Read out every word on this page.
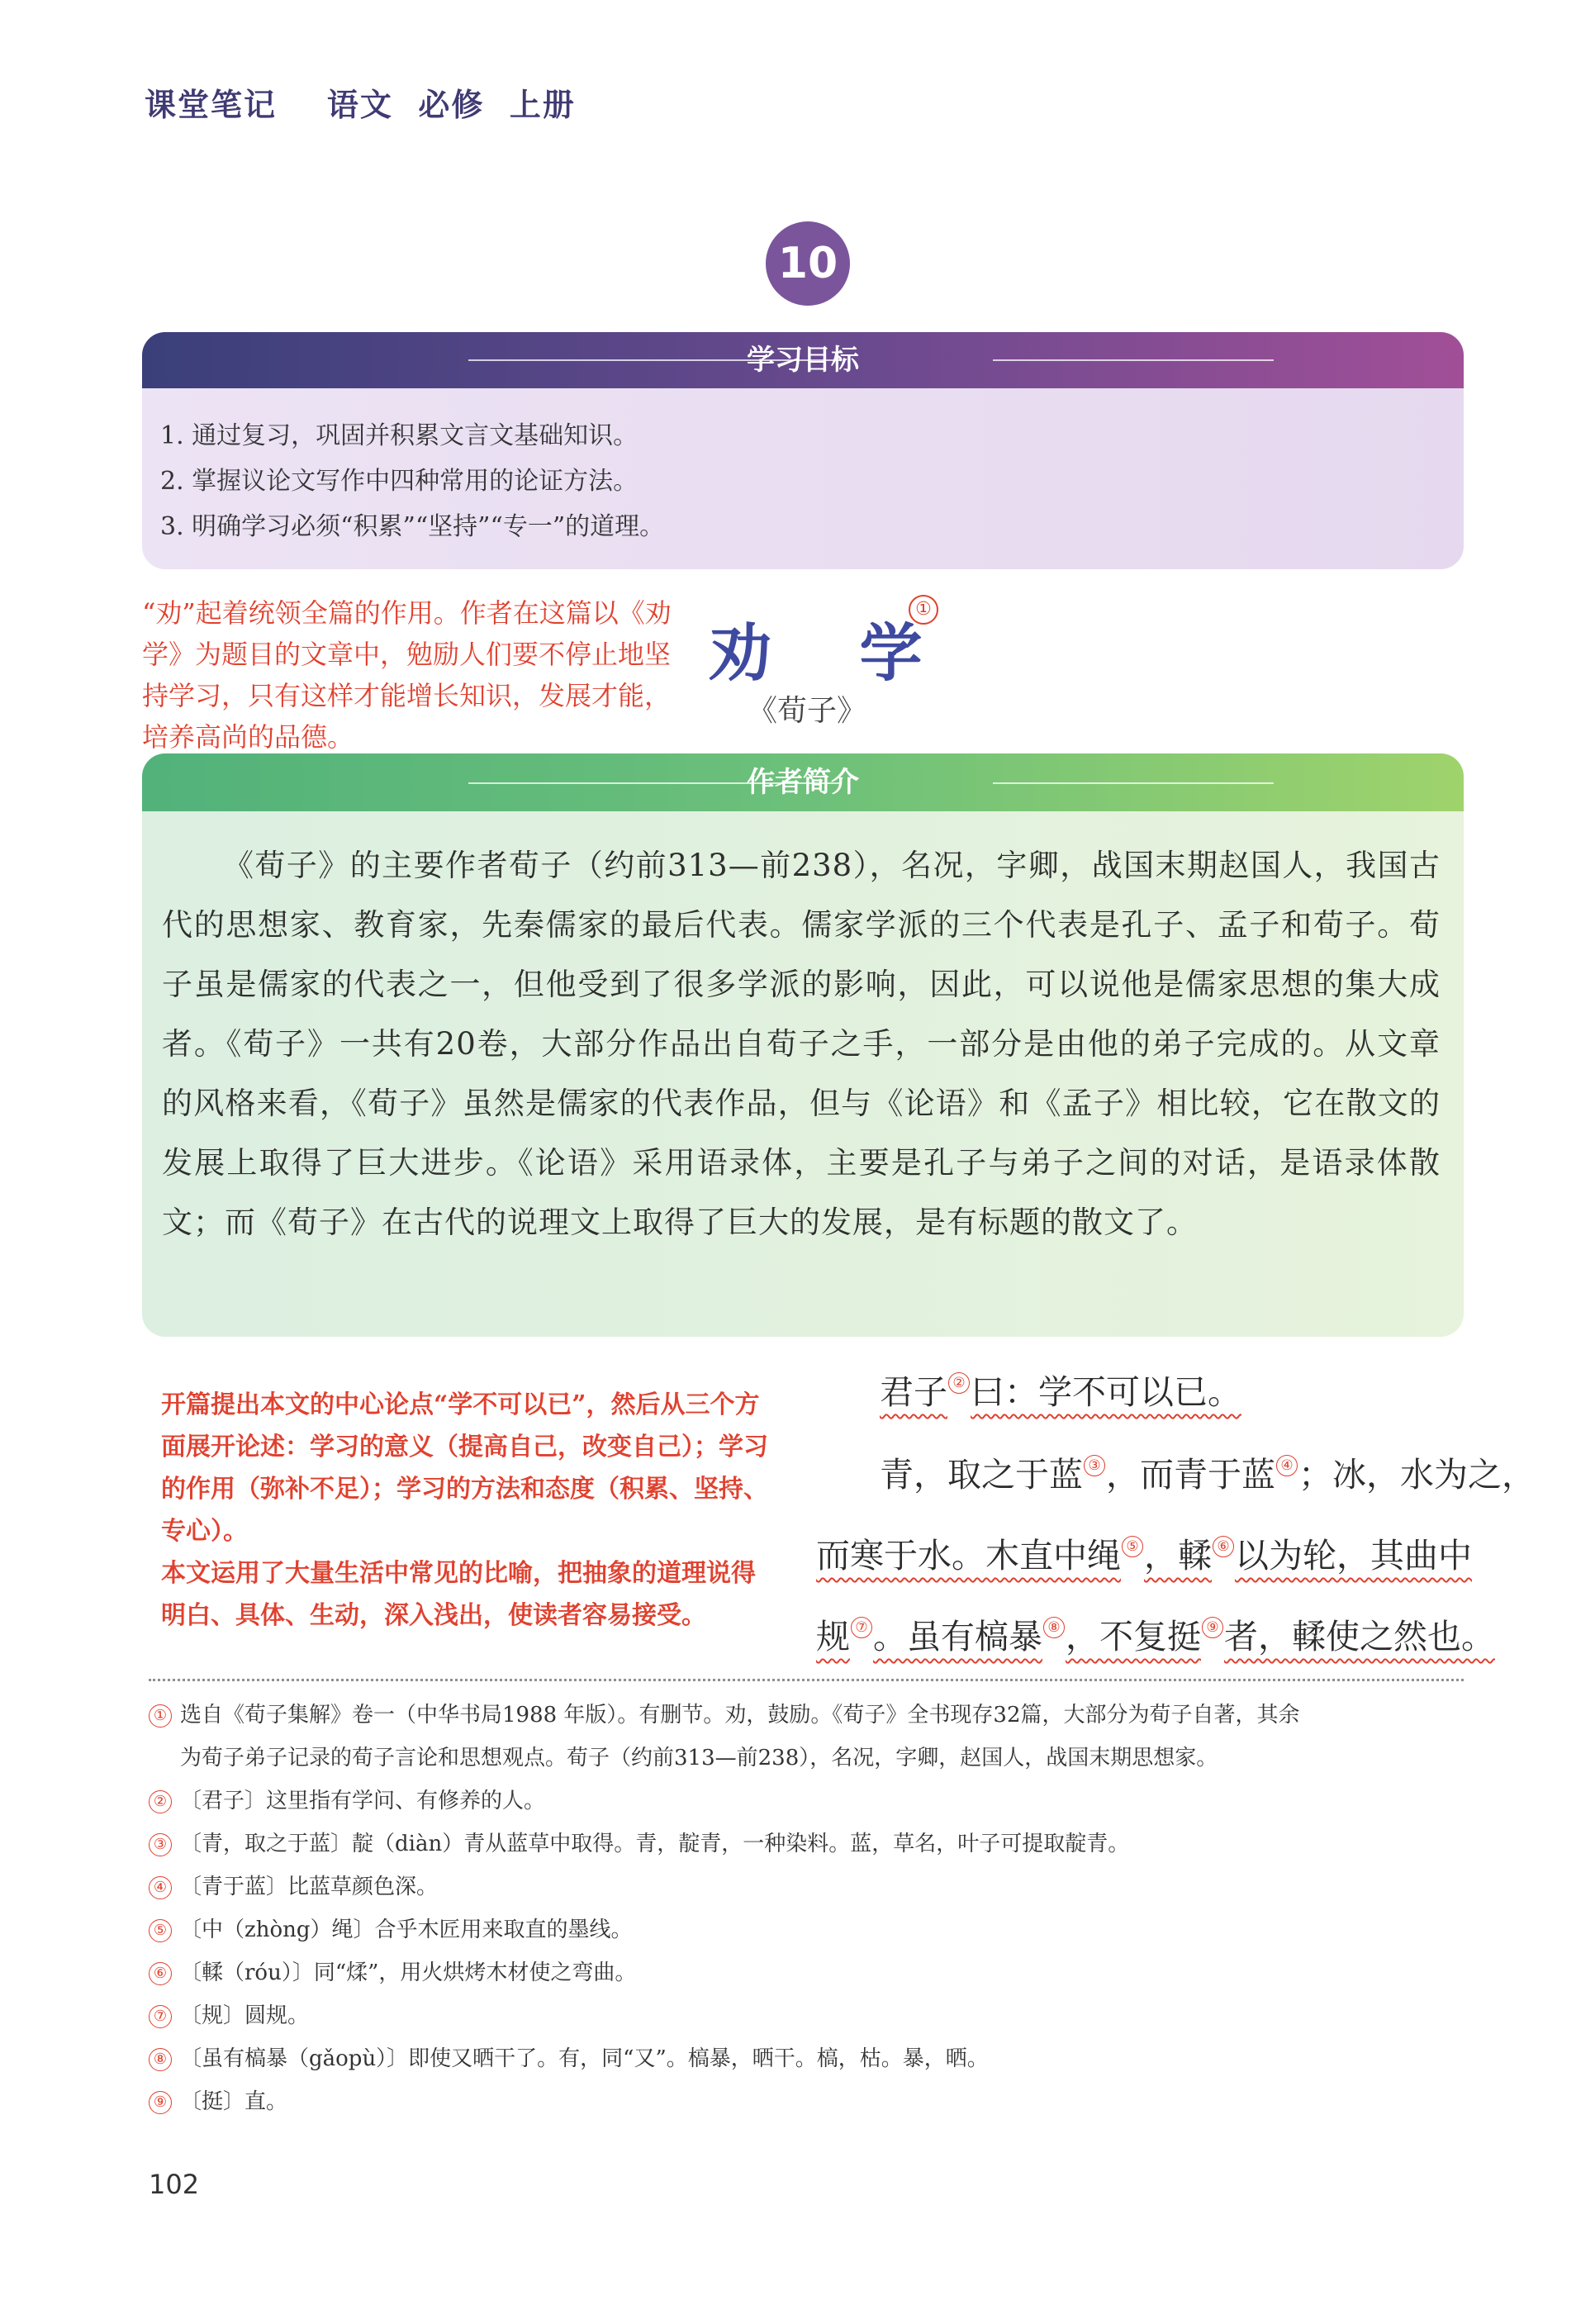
课堂笔记    语文  必修  上册
10
学习目标
1. 通过复习，巩固并积累文言文基础知识。
2. 掌握议论文写作中四种常用的论证方法。
3. 明确学习必须“积累”“坚持”“专一”的道理。
“劝”起着统领全篇的作用。作者在这篇以《劝学》为题目的文章中，勉励人们要不停止地坚持学习，只有这样才能增长知识，发展才能，培养高尚的品德。
劝 学
①
《荀子》
作者简介
《荀子》的主要作者荀子（约前313—前238），名况，字卿，战国末期赵国人，我国古代的思想家、教育家，先秦儒家的最后代表。儒家学派的三个代表是孔子、孟子和荀子。荀子虽是儒家的代表之一，但他受到了很多学派的影响，因此，可以说他是儒家思想的集大成者。《荀子》一共有20卷，大部分作品出自荀子之手，一部分是由他的弟子完成的。从文章的风格来看，《荀子》虽然是儒家的代表作品，但与《论语》和《孟子》相比较，它在散文的发展上取得了巨大进步。《论语》采用语录体，主要是孔子与弟子之间的对话，是语录体散文；而《荀子》在古代的说理文上取得了巨大的发展，是有标题的散文了。

开篇提出本文的中心论点“学不可以已”，然后从三个方面展开论述：学习的意义（提高自己，改变自己）；学习的作用（弥补不足）；学习的方法和态度（积累、坚持、专心）。

本文运用了大量生活中常见的比喻，把抽象的道理说得明白、具体、生动，深入浅出，使读者容易接受。

君子 ② 曰：学不可以已。
青，取之于蓝 ③ ，而青于蓝 ④ ；冰，水为之，
而寒于水。木直中绳 ⑤ ，輮 ⑥ 以为轮，其曲中
规 ⑦ 。虽有槁暴 ⑧ ，不复挺 ⑨ 者，輮使之然也。
① 选自《荀子集解》卷一（中华书局1988 年版）。有删节。劝，鼓励。《荀子》全书现存32篇，大部分为荀子自著，其余
为荀子弟子记录的荀子言论和思想观点。荀子（约前313—前238），名况，字卿，赵国人，战国末期思想家。
② 〔君子〕这里指有学问、有修养的人。
③ 〔青，取之于蓝〕靛（diàn）青从蓝草中取得。青，靛青，一种染料。蓝，草名，叶子可提取靛青。
④ 〔青于蓝〕比蓝草颜色深。
⑤ 〔中（zhòng）绳〕合乎木匠用来取直的墨线。
⑥ 〔輮（róu）〕同“煣”，用火烘烤木材使之弯曲。
⑦ 〔规〕圆规。
⑧ 〔虽有槁暴（gǎopù）〕即使又晒干了。有，同“又”。槁暴，晒干。槁，枯。暴，晒。
⑨ 〔挺〕直。
102
